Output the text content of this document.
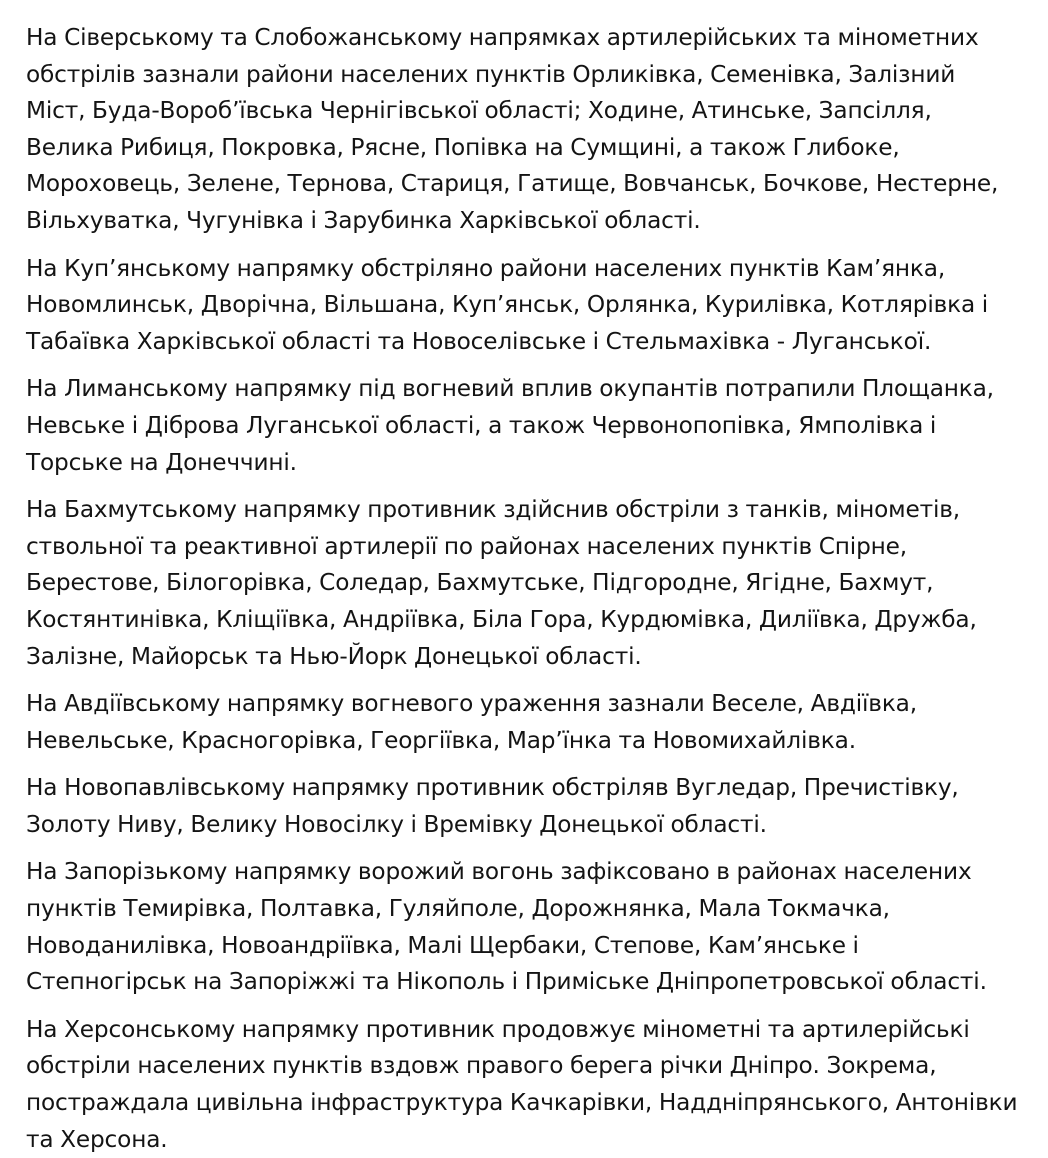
На Сіверському та Слобожанському напрямках артилерійських та мінометних
обстрілів зазнали райони населених пунктів Орликівка, Семенівка, Залізний
Міст, Буда-Вороб’ївська Чернігівської області; Ходине, Атинське, Запсілля,
Велика Рибиця, Покровка, Рясне, Попівка на Сумщині, а також Глибоке,
Мороховець, Зелене, Тернова, Стариця, Гатище, Вовчанськ, Бочкове, Нестерне,
Вільхуватка, Чугунівка і Зарубинка Харківської області.

На Куп’янському напрямку обстріляно райони населених пунктів Кам’янка,
Новомлинськ, Дворічна, Вільшана, Куп’янськ, Орлянка, Курилівка, Котлярівка і
Табаївка Харківської області та Новоселівське і Стельмахівка - Луганської.

На Лиманському напрямку під вогневий вплив окупантів потрапили Площанка,
Невське і Діброва Луганської області, а також Червонопопівка, Ямполівка і
Торське на Донеччині.

На Бахмутському напрямку противник здійснив обстріли з танків, мінометів,
ствольної та реактивної артилерії по районах населених пунктів Спірне,
Берестове, Білогорівка, Соледар, Бахмутське, Підгородне, Ягідне, Бахмут,
Костянтинівка, Кліщіївка, Андріївка, Біла Гора, Курдюмівка, Диліївка, Дружба,
Залізне, Майорськ та Нью-Йорк Донецької області.

На Авдіївському напрямку вогневого ураження зазнали Веселе, Авдіївка,
Невельське, Красногорівка, Георгіївка, Мар’їнка та Новомихайлівка.

На Новопавлівському напрямку противник обстріляв Вугледар, Пречистівку,
Золоту Ниву, Велику Новосілку і Времівку Донецької області.

На Запорізькому напрямку ворожий вогонь зафіксовано в районах населених
пунктів Темирівка, Полтавка, Гуляйполе, Дорожнянка, Мала Токмачка,
Новоданилівка, Новоандріївка, Малі Щербаки, Степове, Кам’янське і
Степногірськ на Запоріжжі та Нікополь і Приміське Дніпропетровської області.

На Херсонському напрямку противник продовжує мінометні та артилерійські
обстріли населених пунктів вздовж правого берега річки Дніпро. Зокрема,
постраждала цивільна інфраструктура Качкарівки, Наддніпрянського, Антонівки
та Херсона.
